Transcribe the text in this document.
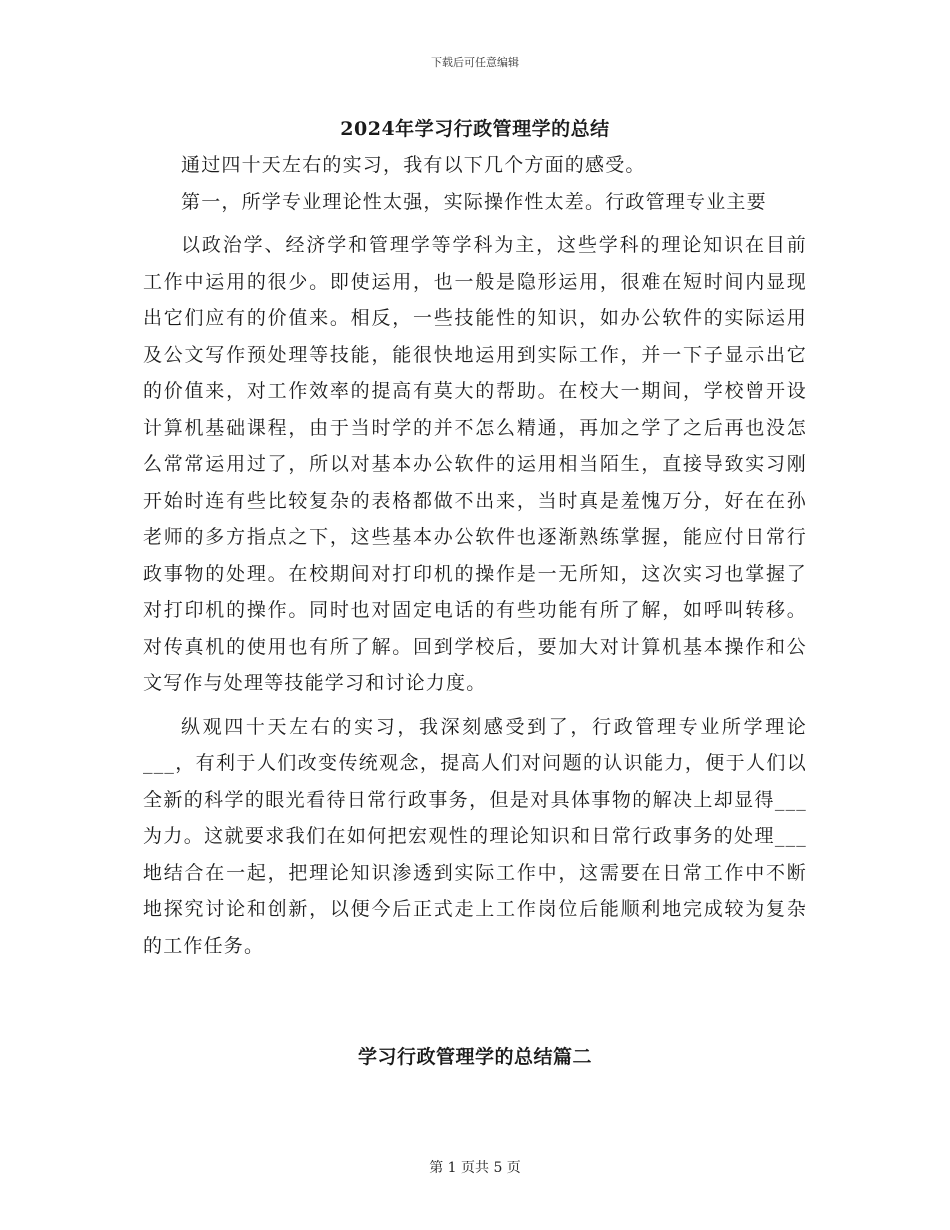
下载后可任意编辑
2024年学习行政管理学的总结

通过四十天左右的实习，我有以下几个方面的感受。

第一，所学专业理论性太强，实际操作性太差。行政管理专业主要

以政治学、经济学和管理学等学科为主，这些学科的理论知识在目前工作中运用的很少。即使运用，也一般是隐形运用，很难在短时间内显现出它们应有的价值来。相反，一些技能性的知识，如办公软件的实际运用及公文写作预处理等技能，能很快地运用到实际工作，并一下子显示出它的价值来，对工作效率的提高有莫大的帮助。在校大一期间，学校曾开设计算机基础课程，由于当时学的并不怎么精通，再加之学了之后再也没怎么常常运用过了，所以对基本办公软件的运用相当陌生，直接导致实习刚开始时连有些比较复杂的表格都做不出来，当时真是羞愧万分，好在在孙老师的多方指点之下，这些基本办公软件也逐渐熟练掌握，能应付日常行政事物的处理。在校期间对打印机的操作是一无所知，这次实习也掌握了对打印机的操作。同时也对固定电话的有些功能有所了解，如呼叫转移。对传真机的使用也有所了解。回到学校后，要加大对计算机基本操作和公文写作与处理等技能学习和讨论力度。

纵观四十天左右的实习，我深刻感受到了，行政管理专业所学理论___，有利于人们改变传统观念，提高人们对问题的认识能力，便于人们以全新的科学的眼光看待日常行政事务，但是对具体事物的解决上却显得___为力。这就要求我们在如何把宏观性的理论知识和日常行政事务的处理___地结合在一起，把理论知识渗透到实际工作中，这需要在日常工作中不断地探究讨论和创新，以便今后正式走上工作岗位后能顺利地完成较为复杂的工作任务。

学习行政管理学的总结篇二
第 1 页共 5 页
